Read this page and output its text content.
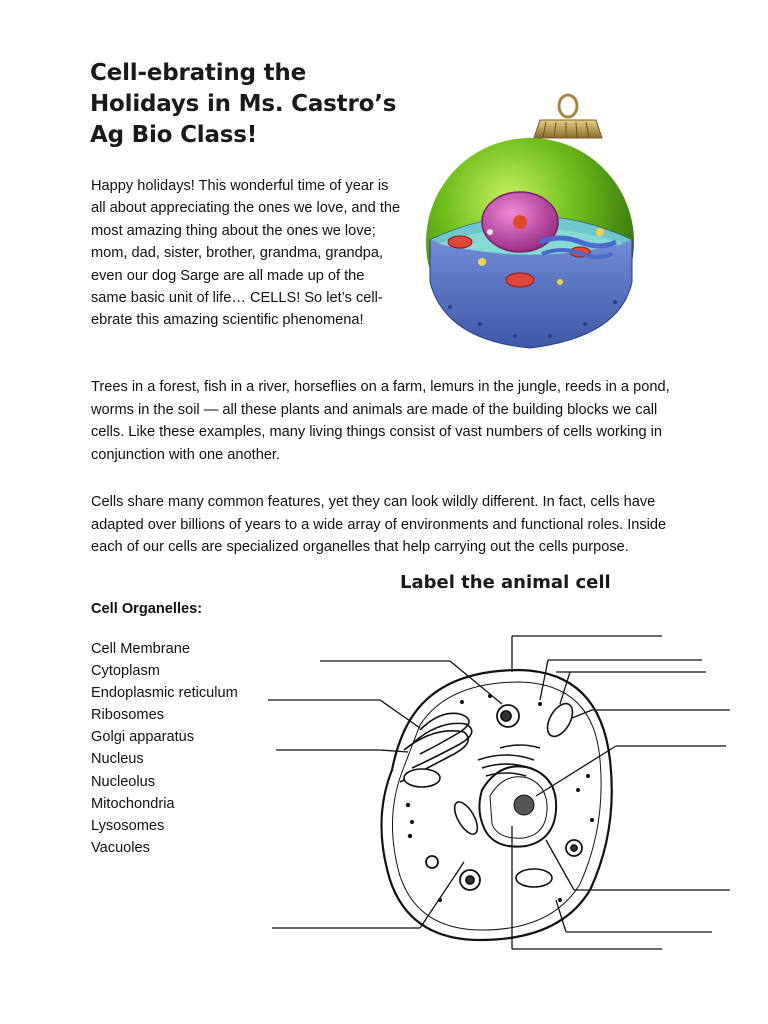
Cell-ebrating the Holidays in Ms. Castro’s Ag Bio Class!
Happy holidays! This wonderful time of year is all about appreciating the ones we love, and the most amazing thing about the ones we love; mom, dad, sister, brother, grandma, grandpa, even our dog Sarge are all made up of the same basic unit of life… CELLS! So let’s cell-ebrate this amazing scientific phenomena!
Trees in a forest, fish in a river, horseflies on a farm, lemurs in the jungle, reeds in a pond, worms in the soil — all these plants and animals are made of the building blocks we call cells. Like these examples, many living things consist of vast numbers of cells working in conjunction with one another.
Cells share many common features, yet they can look wildly different. In fact, cells have adapted over billions of years to a wide array of environments and functional roles. Inside each of our cells are specialized organelles that help carrying out the cells purpose.
Label the animal cell
Cell Organelles:
Cell Membrane
Cytoplasm
Endoplasmic reticulum
Ribosomes
Golgi apparatus
Nucleus
Nucleolus
Mitochondria
Lysosomes
Vacuoles
